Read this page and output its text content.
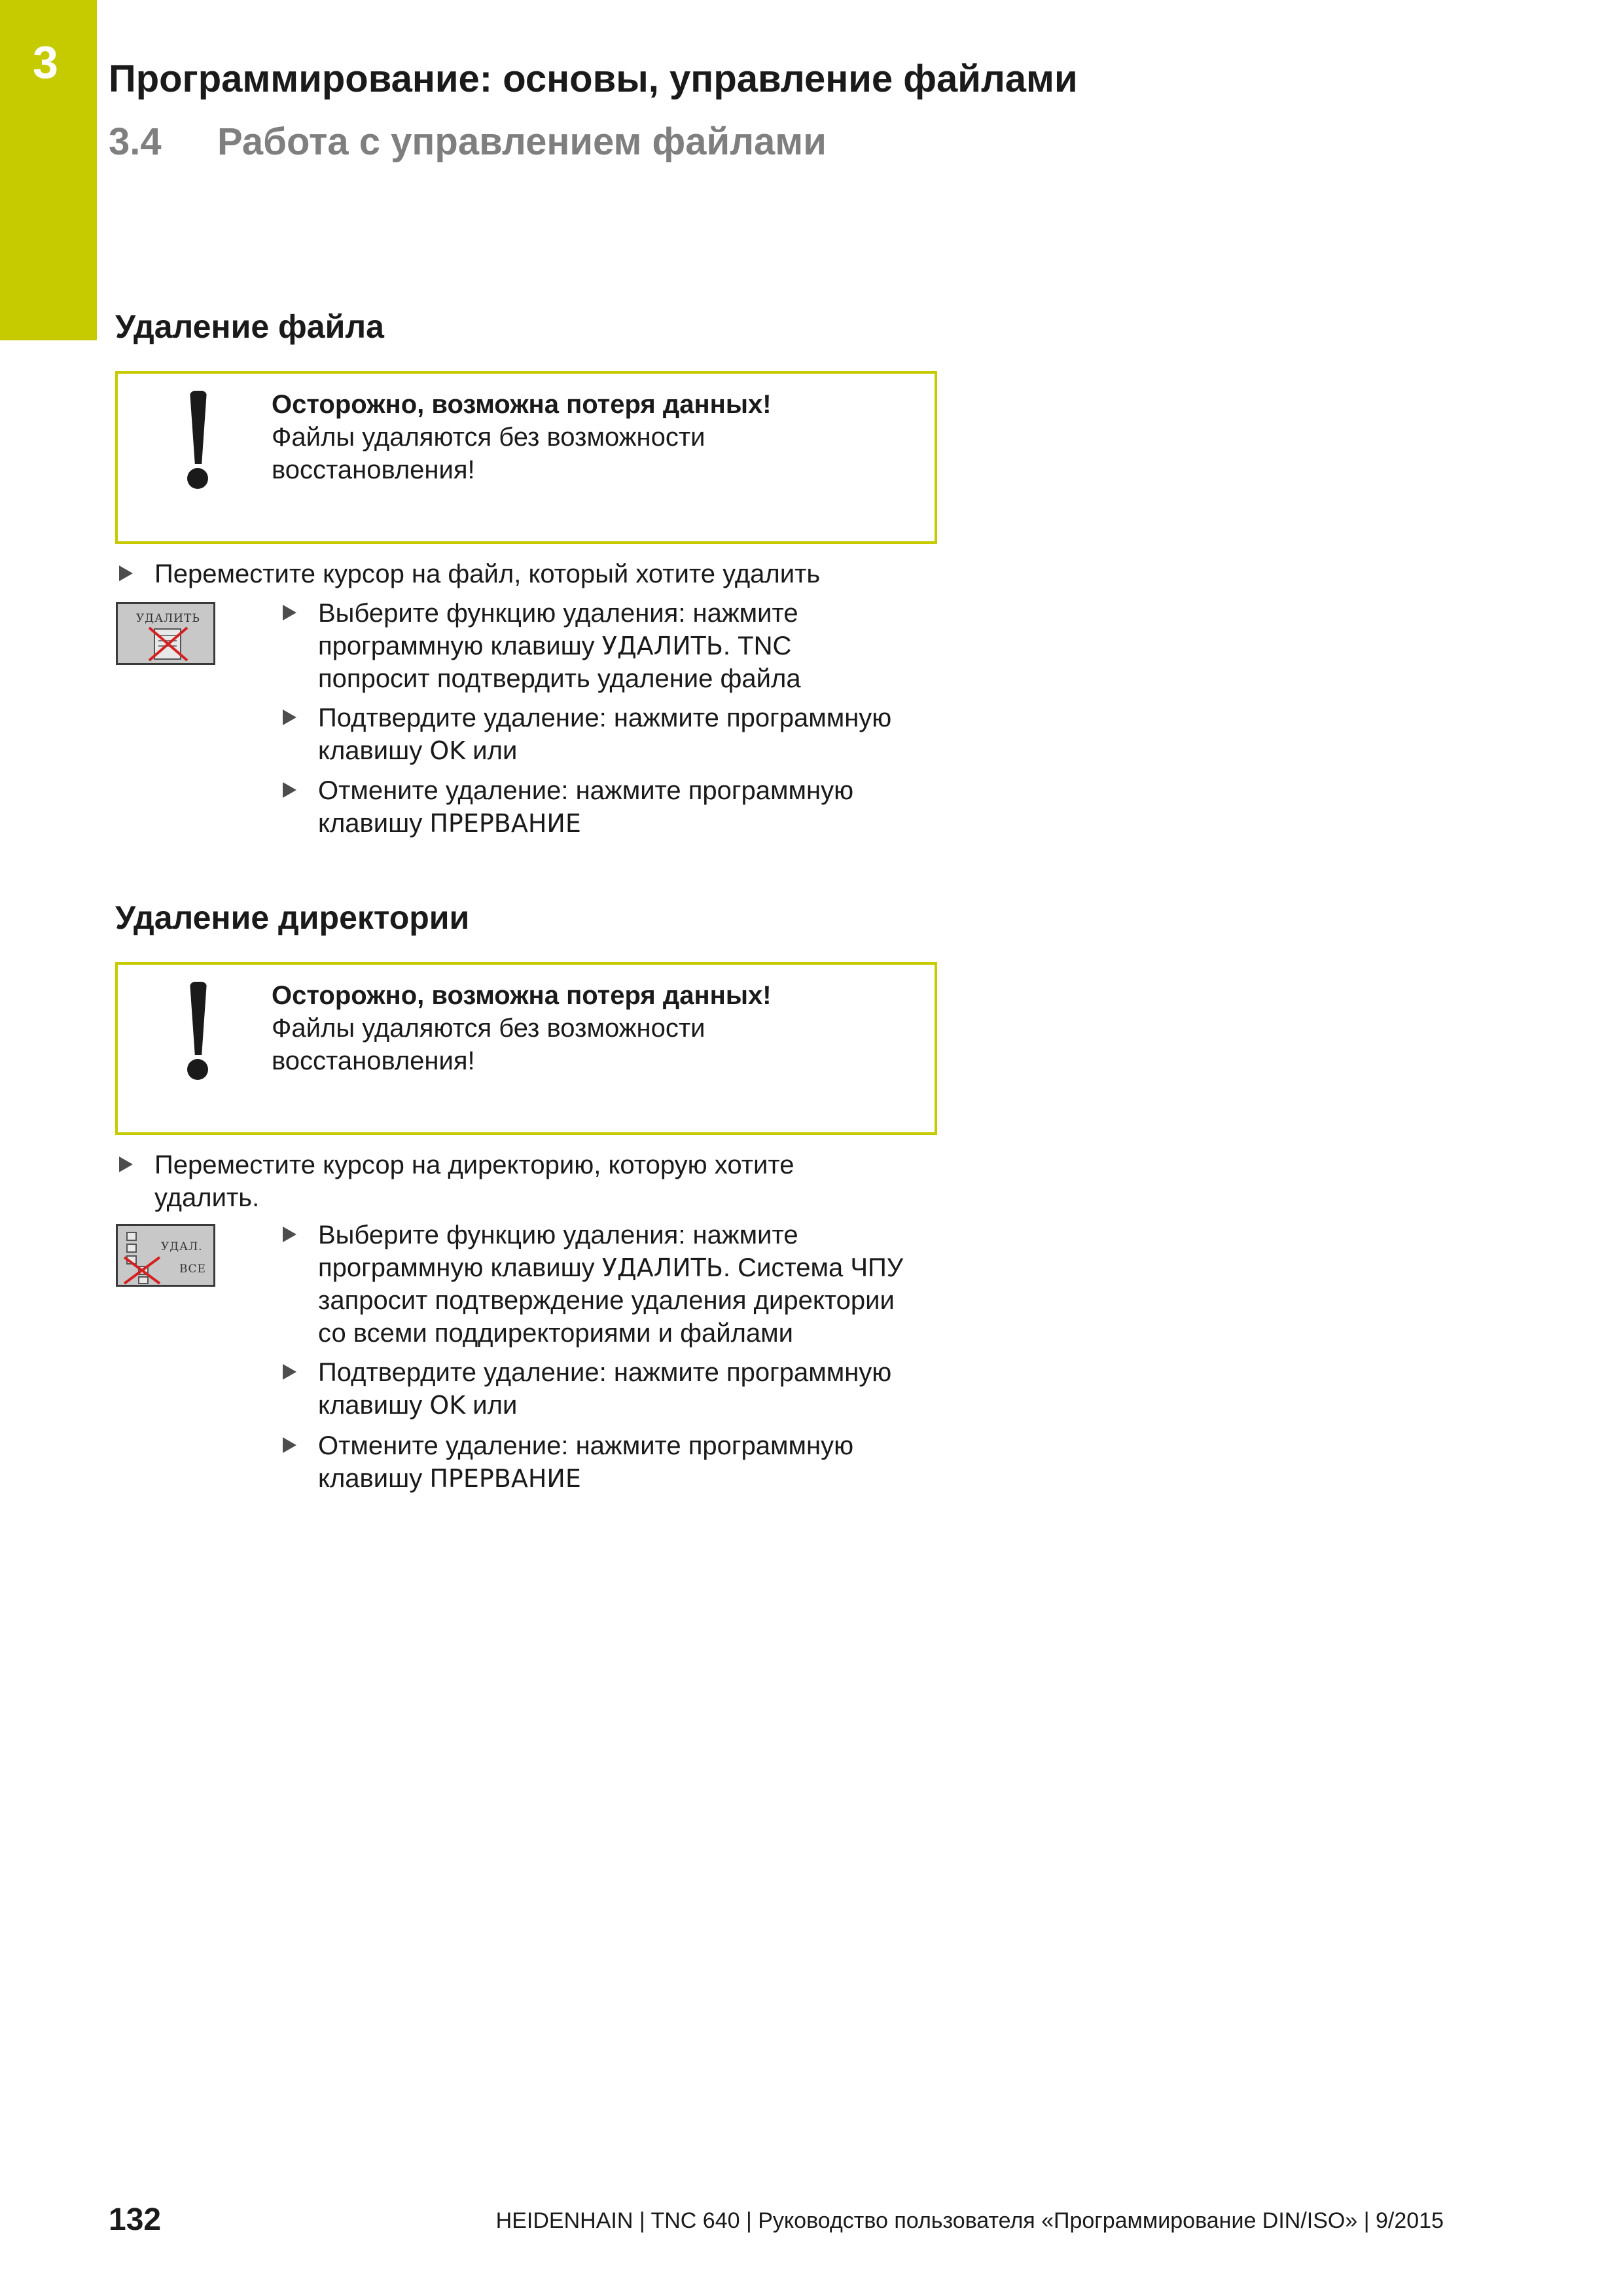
3 Программирование: основы, управление файлами
3.4 Работа с управлением файлами
Удаление файла
Осторожно, возможна потеря данных!
Файлы удаляются без возможности
восстановления!
Переместите курсор на файл, который хотите удалить
УДАЛИТЬ	Выберите функцию удаления: нажмите
программную клавишу УДАЛИТЬ. TNC
попросит подтвердить удаление файла
Подтвердите удаление: нажмите программную
клавишу OK или
Отмените удаление: нажмите программную
клавишу ПРЕРВАНИЕ
Удаление директории
Осторожно, возможна потеря данных!
Файлы удаляются без возможности
восстановления!
Переместите курсор на директорию, которую хотите
удалить.
УДАЛ.
ВСЕ
Выберите функцию удаления: нажмите
программную клавишу УДАЛИТЬ. Система ЧПУ
запросит подтверждение удаления директории
со всеми поддиректориями и файлами
Подтвердите удаление: нажмите программную
клавишу OK или
Отмените удаление: нажмите программную
клавишу ПРЕРВАНИЕ
132	HEIDENHAIN | TNC 640 | Руководство пользователя «Программирование DIN/ISO» | 9/2015
